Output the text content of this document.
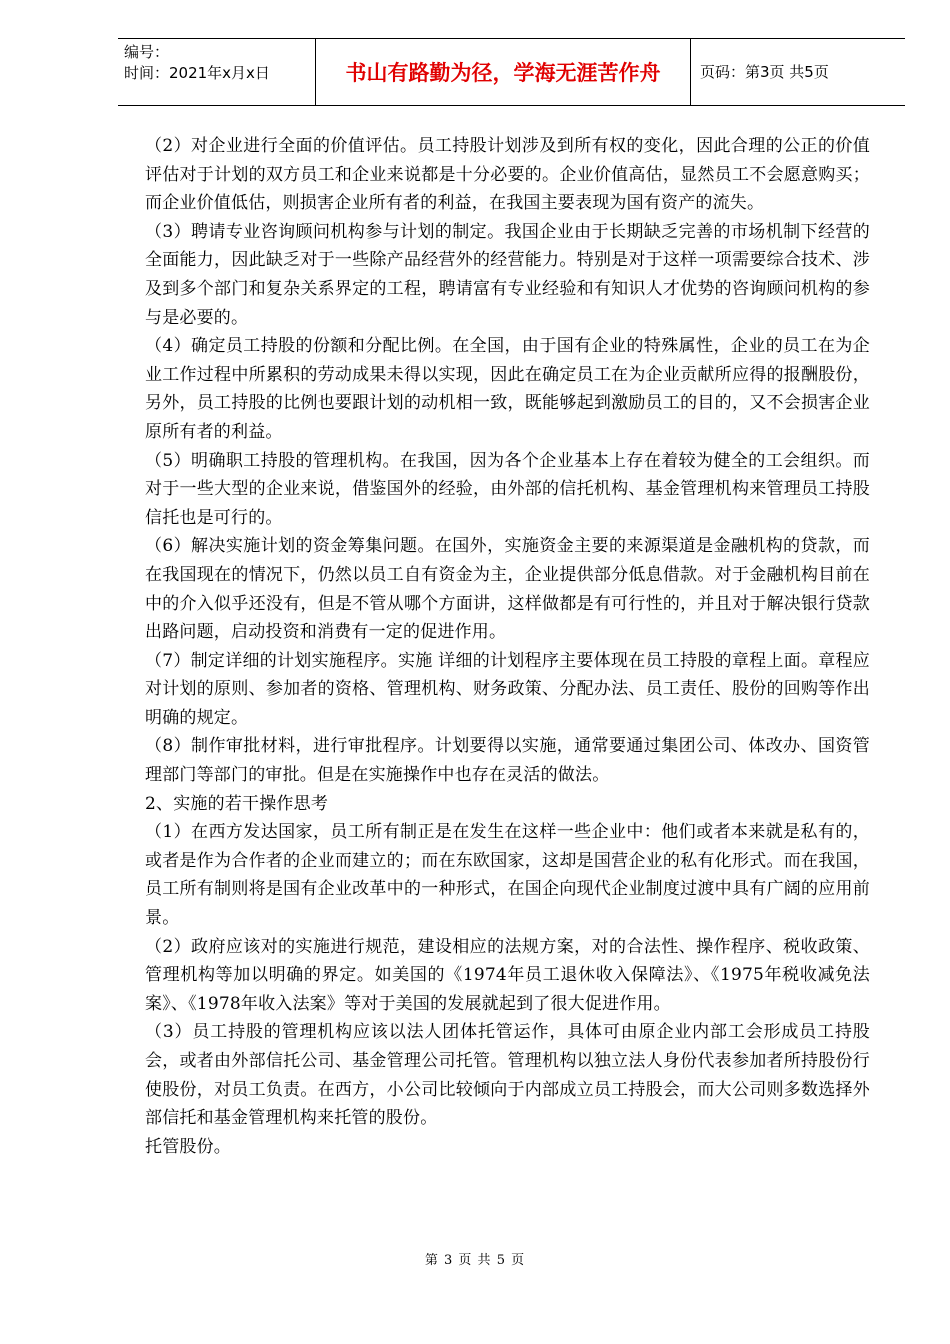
编号：
时间：2021年x月x日	书山有路勤为径，学海无涯苦作舟	页码：第3页 共5页

（2）对企业进行全面的价值评估。员工持股计划涉及到所有权的变化，因此合理的公正的价值评估对于计划的双方员工和企业来说都是十分必要的。企业价值高估，显然员工不会愿意购买；而企业价值低估，则损害企业所有者的利益，在我国主要表现为国有资产的流失。

（3）聘请专业咨询顾问机构参与计划的制定。我国企业由于长期缺乏完善的市场机制下经营的全面能力，因此缺乏对于一些除产品经营外的经营能力。特别是对于这样一项需要综合技术、涉及到多个部门和复杂关系界定的工程，聘请富有专业经验和有知识人才优势的咨询顾问机构的参与是必要的。

（4）确定员工持股的份额和分配比例。在全国，由于国有企业的特殊属性，企业的员工在为企业工作过程中所累积的劳动成果未得以实现，因此在确定员工在为企业贡献所应得的报酬股份，另外，员工持股的比例也要跟计划的动机相一致，既能够起到激励员工的目的，又不会损害企业原所有者的利益。

（5）明确职工持股的管理机构。在我国，因为各个企业基本上存在着较为健全的工会组织。而对于一些大型的企业来说，借鉴国外的经验，由外部的信托机构、基金管理机构来管理员工持股信托也是可行的。

（6）解决实施计划的资金筹集问题。在国外，实施资金主要的来源渠道是金融机构的贷款，而在我国现在的情况下，仍然以员工自有资金为主，企业提供部分低息借款。对于金融机构目前在中的介入似乎还没有，但是不管从哪个方面讲，这样做都是有可行性的，并且对于解决银行贷款出路问题，启动投资和消费有一定的促进作用。

（7）制定详细的计划实施程序。实施 详细的计划程序主要体现在员工持股的章程上面。章程应对计划的原则、参加者的资格、管理机构、财务政策、分配办法、员工责任、股份的回购等作出明确的规定。

（8）制作审批材料，进行审批程序。计划要得以实施，通常要通过集团公司、体改办、国资管理部门等部门的审批。但是在实施操作中也存在灵活的做法。

2、实施的若干操作思考

（1）在西方发达国家，员工所有制正是在发生在这样一些企业中：他们或者本来就是私有的，或者是作为合作者的企业而建立的；而在东欧国家，这却是国营企业的私有化形式。而在我国，员工所有制则将是国有企业改革中的一种形式，在国企向现代企业制度过渡中具有广阔的应用前景。

（2）政府应该对的实施进行规范，建设相应的法规方案，对的合法性、操作程序、税收政策、管理机构等加以明确的界定。如美国的《1974年员工退休收入保障法》、《1975年税收减免法案》、《1978年收入法案》等对于美国的发展就起到了很大促进作用。

（3）员工持股的管理机构应该以法人团体托管运作，具体可由原企业内部工会形成员工持股会，或者由外部信托公司、基金管理公司托管。管理机构以独立法人身份代表参加者所持股份行使股份，对员工负责。在西方，小公司比较倾向于内部成立员工持股会，而大公司则多数选择外部信托和基金管理机构来托管的股份。

托管股份。

第 3 页 共 5 页
